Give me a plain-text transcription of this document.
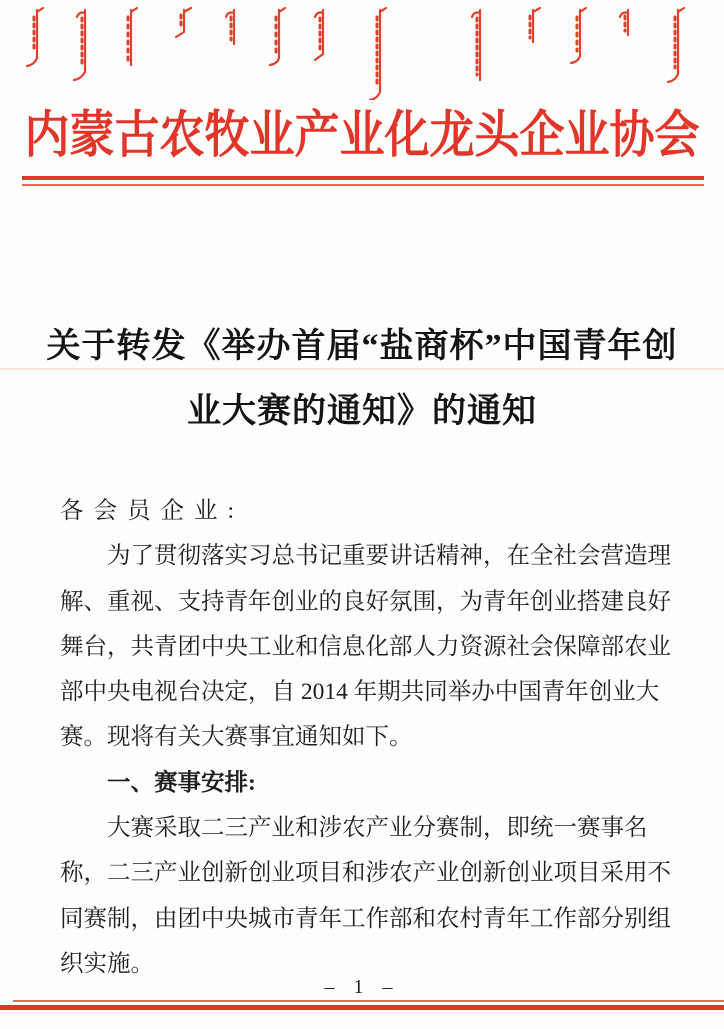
内蒙古农牧业产业化龙头企业协会
关于转发《举办首届“盐商杯”中国青年创
业大赛的通知》的通知
各会员企业:
为了贯彻落实习总书记重要讲话精神，在全社会营造理
解、重视、支持青年创业的良好氛围，为青年创业搭建良好
舞台，共青团中央工业和信息化部人力资源社会保障部农业
部中央电视台决定，自 2014 年期共同举办中国青年创业大
赛。现将有关大赛事宜通知如下。
一、赛事安排:
大赛采取二三产业和涉农产业分赛制，即统一赛事名
称，二三产业创新创业项目和涉农产业创新创业项目采用不
同赛制，由团中央城市青年工作部和农村青年工作部分别组
织实施。
– 1 –
